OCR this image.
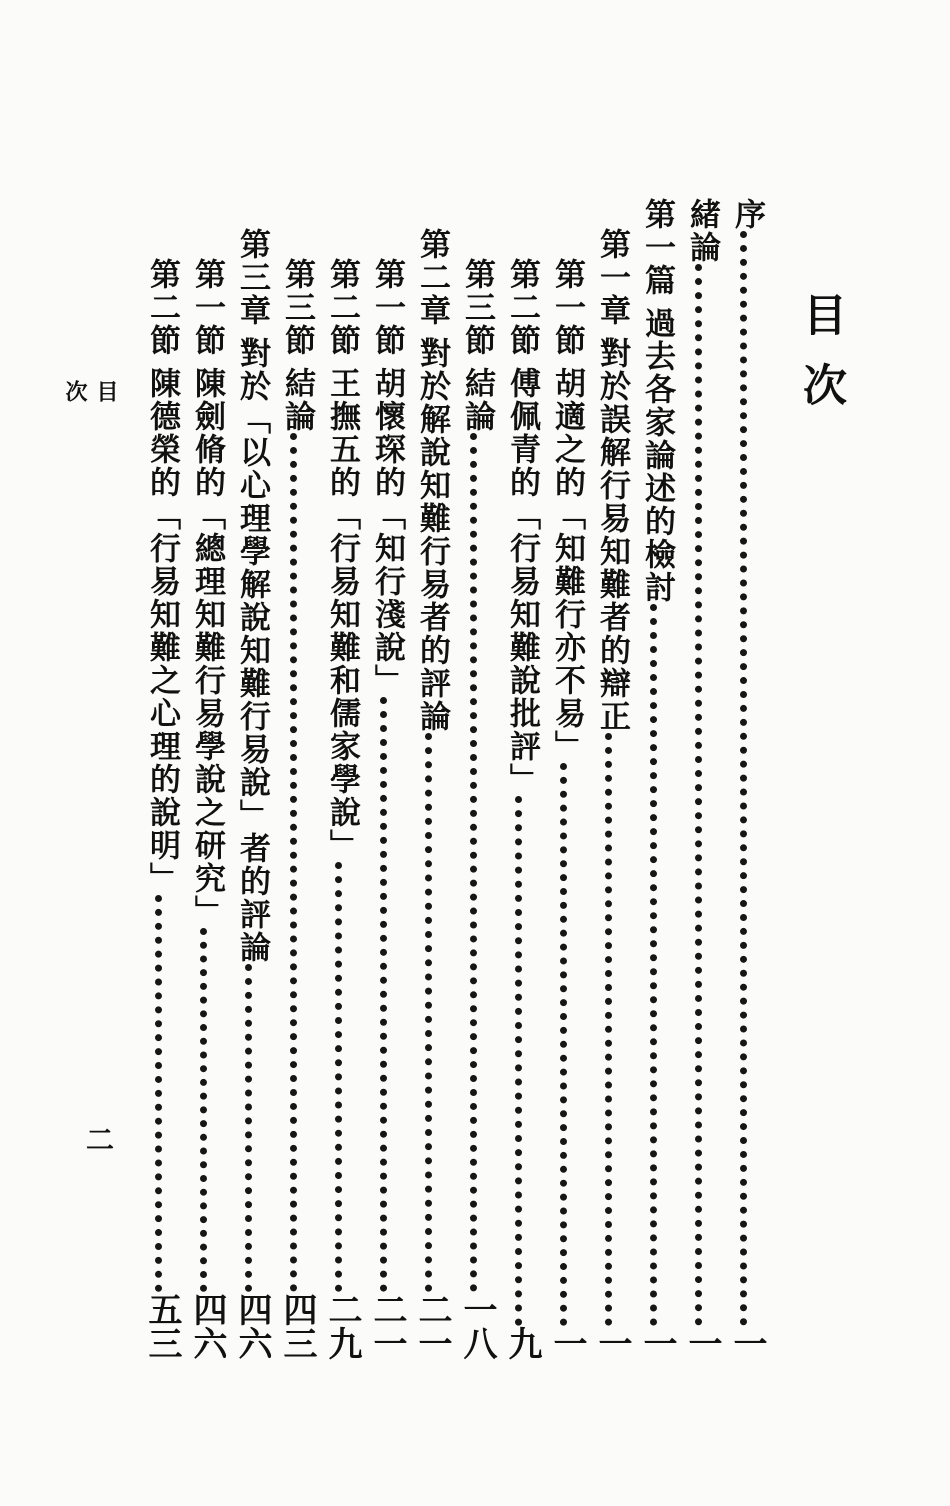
目次
序
一
緒論
一
第一篇
過去各家論述的檢討
一
第一章
對於誤解行易知難者的辯正
一
第一節
胡適之的「知難行亦不易」
一
第二節
傅佩青的「行易知難說批評」
九
第三節
結論
一八
第二章
對於解說知難行易者的評論
二一
第一節
胡懷琛的「知行淺說」
二一
第二節
王撫五的「行易知難和儒家學說」
二九
第三節
結論
四三
第三章
對於「以心理學解說知難行易說」者的評論
四六
第一節
陳劍脩的「總理知難行易學說之研究」
四六
第二節
陳德榮的「行易知難之心理的說明」
五三
目次
二
